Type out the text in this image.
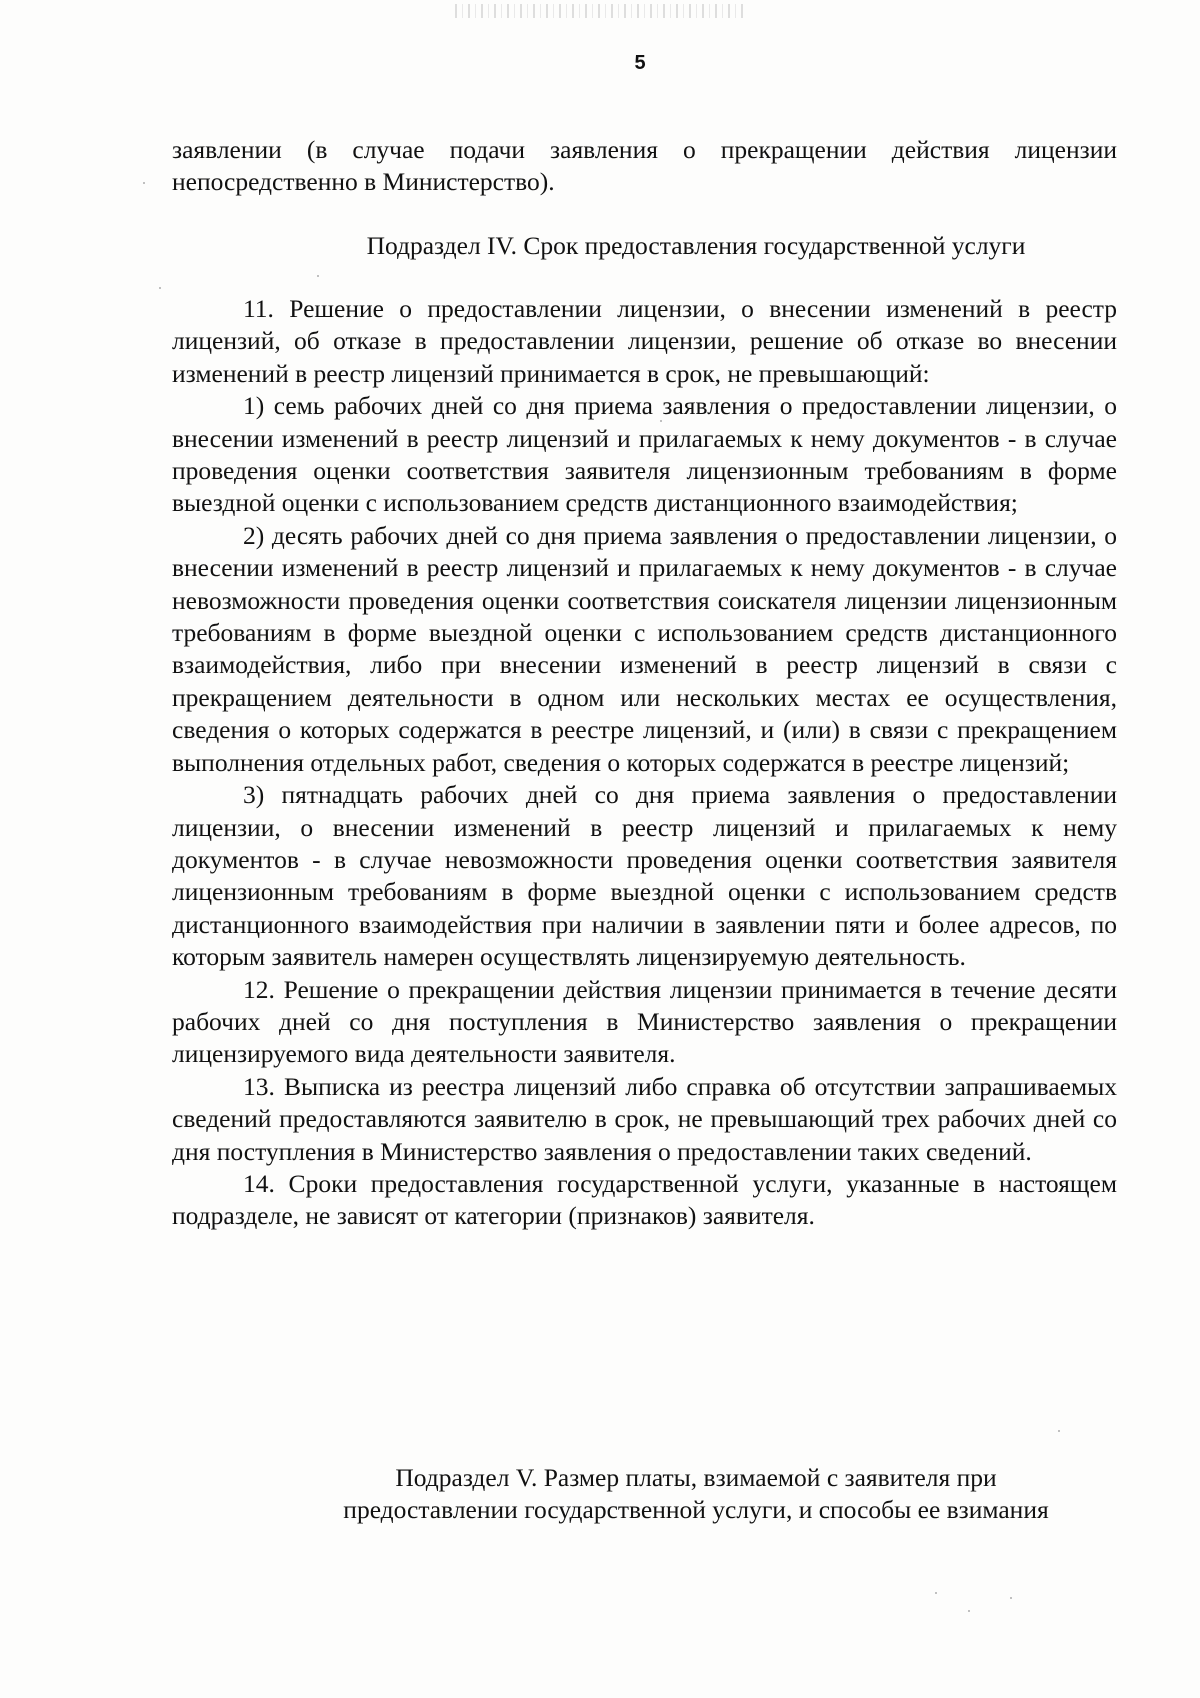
5

заявлении (в случае подачи заявления о прекращении действия лицензии непосредственно в Министерство).

Подраздел IV. Срок предоставления государственной услуги

11. Решение о предоставлении лицензии, о внесении изменений в реестр лицензий, об отказе в предоставлении лицензии, решение об отказе во внесении изменений в реестр лицензий принимается в срок, не превышающий:

1) семь рабочих дней со дня приема заявления о предоставлении лицензии, о внесении изменений в реестр лицензий и прилагаемых к нему документов - в случае проведения оценки соответствия заявителя лицензионным требованиям в форме выездной оценки с использованием средств дистанционного взаимодействия;

2) десять рабочих дней со дня приема заявления о предоставлении лицензии, о внесении изменений в реестр лицензий и прилагаемых к нему документов - в случае невозможности проведения оценки соответствия соискателя лицензии лицензионным требованиям в форме выездной оценки с использованием средств дистанционного взаимодействия, либо при внесении изменений в реестр лицензий в связи с прекращением деятельности в одном или нескольких местах ее осуществления, сведения о которых содержатся в реестре лицензий, и (или) в связи с прекращением выполнения отдельных работ, сведения о которых содержатся в реестре лицензий;

3) пятнадцать рабочих дней со дня приема заявления о предоставлении лицензии, о внесении изменений в реестр лицензий и прилагаемых к нему документов - в случае невозможности проведения оценки соответствия заявителя лицензионным требованиям в форме выездной оценки с использованием средств дистанционного взаимодействия при наличии в заявлении пяти и более адресов, по которым заявитель намерен осуществлять лицензируемую деятельность.

12. Решение о прекращении действия лицензии принимается в течение десяти рабочих дней со дня поступления в Министерство заявления о прекращении лицензируемого вида деятельности заявителя.

13. Выписка из реестра лицензий либо справка об отсутствии запрашиваемых сведений предоставляются заявителю в срок, не превышающий трех рабочих дней со дня поступления в Министерство заявления о предоставлении таких сведений.

14. Сроки предоставления государственной услуги, указанные в настоящем подразделе, не зависят от категории (признаков) заявителя.

Подраздел V. Размер платы, взимаемой с заявителя при

предоставлении государственной услуги, и способы ее взимания
